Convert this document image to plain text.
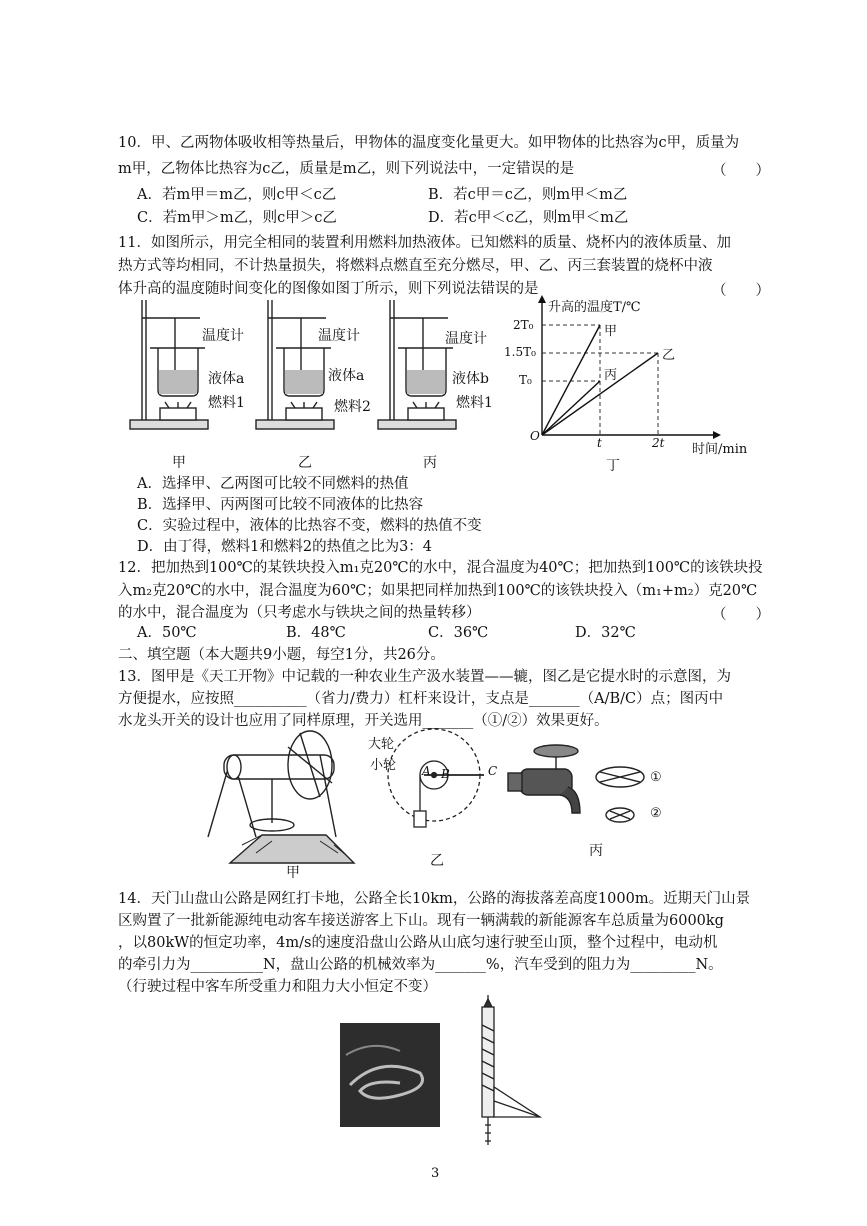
10．甲、乙两物体吸收相等热量后，甲物体的温度变化量更大。如甲物体的比热容为c甲，质量为
m甲，乙物体比热容为c乙，质量是m乙，则下列说法中，一定错误的是	（　　）
A．若m甲＝m乙，则c甲＜c乙	B．若c甲＝c乙，则m甲＜m乙
C．若m甲＞m乙，则c甲＞c乙	D．若c甲＜c乙，则m甲＜m乙
11．如图所示，用完全相同的装置利用燃料加热液体。已知燃料的质量、烧杯内的液体质量、加
热方式等均相同，不计热量损失，将燃料点燃直至充分燃尽，甲、乙、丙三套装置的烧杯中液
体升高的温度随时间变化的图像如图丁所示，则下列说法错误的是	（　　）
温度计
液体a
燃料1
甲
温度计
液体a
燃料2
乙
温度计
液体b
燃料1
丙
升高的温度T/℃
2T₀
1.5T₀
T₀
O	t	2t 时间/min
甲
乙
丙
丁
A．选择甲、乙两图可比较不同燃料的热值
B．选择甲、丙两图可比较不同液体的比热容
C．实验过程中，液体的比热容不变，燃料的热值不变
D．由丁得，燃料1和燃料2的热值之比为3：4
12．把加热到100℃的某铁块投入m₁克20℃的水中，混合温度为40℃；把加热到100℃的该铁块投
入m₂克20℃的水中，混合温度为60℃；如果把同样加热到100℃的该铁块投入（m₁+m₂）克20℃
的水中，混合温度为（只考虑水与铁块之间的热量转移）	（　　）
A．50℃	B．48℃	C．36℃	D．32℃
二、填空题（本大题共9小题，每空1分，共26分。
13．图甲是《天工开物》中记载的一种农业生产汲水装置——辘，图乙是它提水时的示意图，为
方便提水，应按照__________（省力/费力）杠杆来设计，支点是_______（A/B/C）点；图丙中
水龙头开关的设计也应用了同样原理，开关选用_______（①/②）效果更好。
大轮
小轮 A B	C	①
②
甲
乙
丙
14．天门山盘山公路是网红打卡地，公路全长10km，公路的海拔落差高度1000m。近期天门山景
区购置了一批新能源纯电动客车接送游客上下山。现有一辆满载的新能源客车总质量为6000kg
，以80kW的恒定功率，4m/s的速度沿盘山公路从山底匀速行驶至山顶，整个过程中，电动机
的牵引力为__________N，盘山公路的机械效率为_______%，汽车受到的阻力为_________N。
（行驶过程中客车所受重力和阻力大小恒定不变）
3
